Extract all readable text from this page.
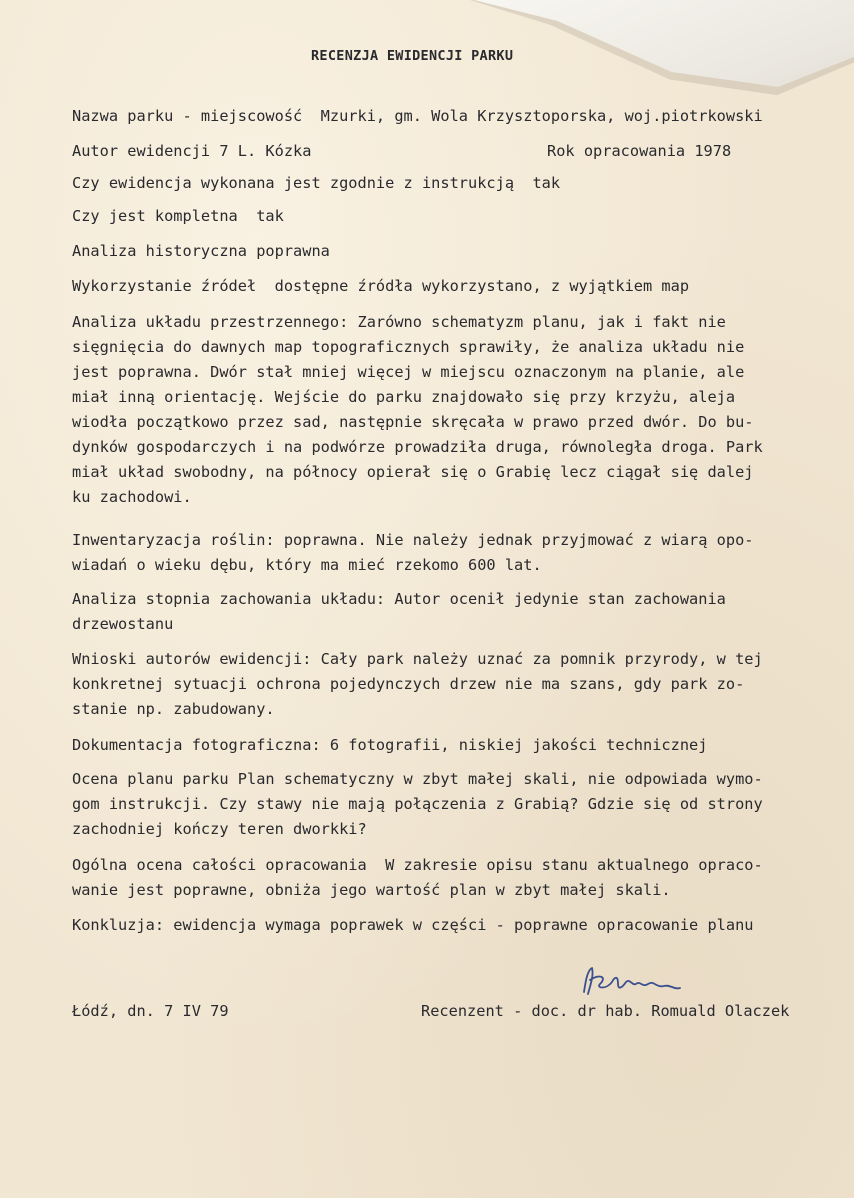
RECENZJA EWIDENCJI PARKU
Nazwa parku - miejscowość  Mzurki, gm. Wola Krzysztoporska, woj.piotrkowski
Autor ewidencji 7 L. Kózka	Rok opracowania 1978
Czy ewidencja wykonana jest zgodnie z instrukcją  tak
Czy jest kompletna  tak
Analiza historyczna poprawna
Wykorzystanie źródeł  dostępne źródła wykorzystano, z wyjątkiem map
Analiza układu przestrzennego: Zarówno schematyzm planu, jak i fakt nie
sięgnięcia do dawnych map topograficznych sprawiły, że analiza układu nie
jest poprawna. Dwór stał mniej więcej w miejscu oznaczonym na planie, ale
miał inną orientację. Wejście do parku znajdowało się przy krzyżu, aleja
wiodła początkowo przez sad, następnie skręcała w prawo przed dwór. Do bu-
dynków gospodarczych i na podwórze prowadziła druga, równoległa droga. Park
miał układ swobodny, na północy opierał się o Grabię lecz ciągał się dalej
ku zachodowi.
Inwentaryzacja roślin: poprawna. Nie należy jednak przyjmować z wiarą opo-
wiadań o wieku dębu, który ma mieć rzekomo 600 lat.
Analiza stopnia zachowania układu: Autor ocenił jedynie stan zachowania
drzewostanu
Wnioski autorów ewidencji: Cały park należy uznać za pomnik przyrody, w tej
konkretnej sytuacji ochrona pojedynczych drzew nie ma szans, gdy park zo-
stanie np. zabudowany.
Dokumentacja fotograficzna: 6 fotografii, niskiej jakości technicznej
Ocena planu parku Plan schematyczny w zbyt małej skali, nie odpowiada wymo-
gom instrukcji. Czy stawy nie mają połączenia z Grabią? Gdzie się od strony
zachodniej kończy teren dworkki?
Ogólna ocena całości opracowania  W zakresie opisu stanu aktualnego opraco-
wanie jest poprawne, obniża jego wartość plan w zbyt małej skali.
Konkluzja: ewidencja wymaga poprawek w części - poprawne opracowanie planu
Łódź, dn. 7 IV 79	Recenzent - doc. dr hab. Romuald Olaczek
